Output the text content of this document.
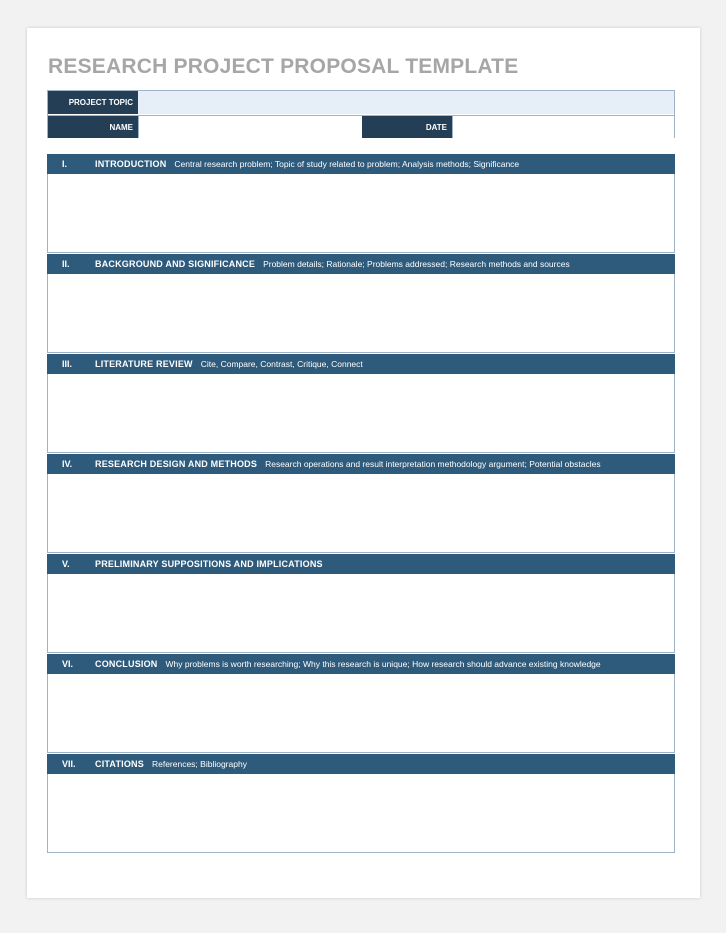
RESEARCH PROJECT PROPOSAL TEMPLATE
PROJECT TOPIC
NAME	DATE
I.	INTRODUCTION Central research problem; Topic of study related to problem; Analysis methods; Significance
II.	BACKGROUND AND SIGNIFICANCE Problem details; Rationale; Problems addressed; Research methods and sources
III.	LITERATURE REVIEW Cite, Compare, Contrast, Critique, Connect
IV.	RESEARCH DESIGN AND METHODS Research operations and result interpretation methodology argument; Potential obstacles
V.	PRELIMINARY SUPPOSITIONS AND IMPLICATIONS
VI.	CONCLUSION Why problems is worth researching; Why this research is unique; How research should advance existing knowledge
VII.	CITATIONS References; Bibliography
